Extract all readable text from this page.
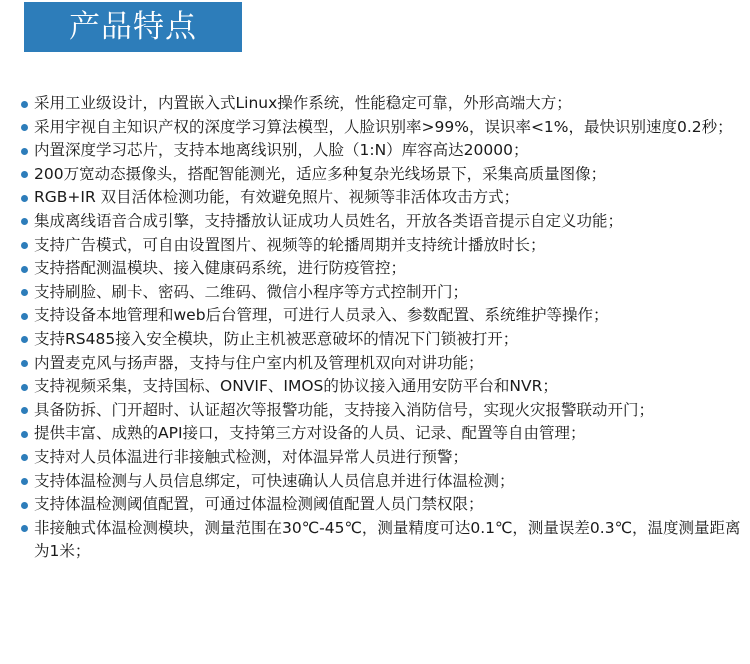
产品特点
采用工业级设计，内置嵌入式Linux操作系统，性能稳定可靠，外形高端大方；
采用宇视自主知识产权的深度学习算法模型，人脸识别率>99%，误识率<1%，最快识别速度0.2秒；
内置深度学习芯片，支持本地离线识别，人脸（1:N）库容高达20000；
200万宽动态摄像头，搭配智能测光，适应多种复杂光线场景下，采集高质量图像；
RGB+IR 双目活体检测功能，有效避免照片、视频等非活体攻击方式；
集成离线语音合成引擎，支持播放认证成功人员姓名，开放各类语音提示自定义功能；
支持广告模式，可自由设置图片、视频等的轮播周期并支持统计播放时长；
支持搭配测温模块、接入健康码系统，进行防疫管控；
支持刷脸、刷卡、密码、二维码、微信小程序等方式控制开门；
支持设备本地管理和web后台管理，可进行人员录入、参数配置、系统维护等操作；
支持RS485接入安全模块，防止主机被恶意破坏的情况下门锁被打开；
内置麦克风与扬声器，支持与住户室内机及管理机双向对讲功能；
支持视频采集，支持国标、ONVIF、IMOS的协议接入通用安防平台和NVR；
具备防拆、门开超时、认证超次等报警功能，支持接入消防信号，实现火灾报警联动开门；
提供丰富、成熟的API接口，支持第三方对设备的人员、记录、配置等自由管理；
支持对人员体温进行非接触式检测，对体温异常人员进行预警；
支持体温检测与人员信息绑定，可快速确认人员信息并进行体温检测；
支持体温检测阈值配置，可通过体温检测阈值配置人员门禁权限；
非接触式体温检测模块，测量范围在30℃-45℃，测量精度可达0.1℃，测量误差0.3℃，温度测量距离为1米；
